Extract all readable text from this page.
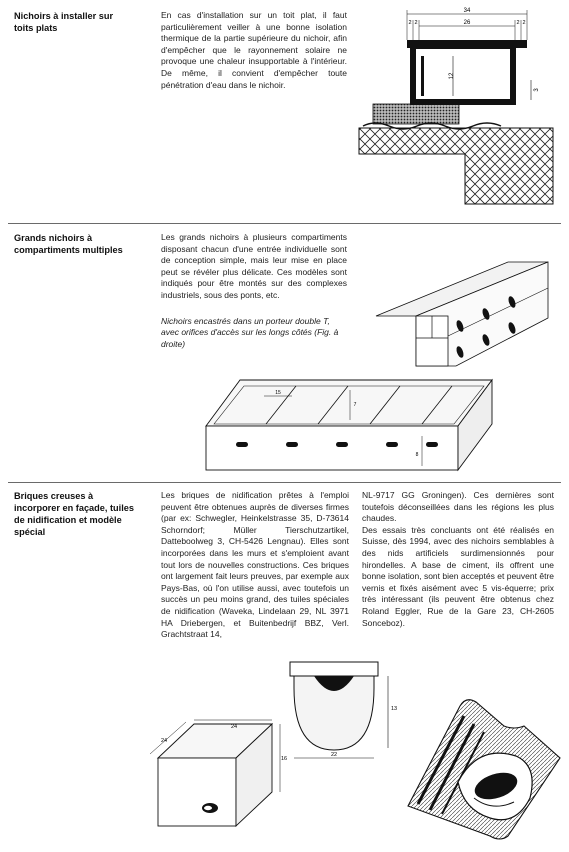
Nichoirs à installer sur toits plats

En cas d'installation sur un toit plat, il faut particulièrement veiller à une bonne isolation thermique de la partie supérieure du nichoir, afin d'empêcher que le rayonnement solaire ne provoque une chaleur insupportable à l'intérieur. De même, il convient d'empêcher toute pénétration d'eau dans le nichoir.

34
26
2 2	2 2
12
3
Grands nichoirs à compartiments multiples

Les grands nichoirs à plusieurs compartiments disposant chacun d'une entrée individuelle sont de conception simple, mais leur mise en place peut se révéler plus délicate. Ces modèles sont indiqués pour être montés sur des complexes industriels, sous des ponts, etc.

Nichoirs encastrés dans un porteur double T, avec orifices d'accès sur les longs côtés (Fig. à droite)

15
7
8
Briques creuses à incorporer en façade, tuiles de nidification et modèle spécial

Les briques de nidification prêtes à l'emploi peuvent être obtenues auprès de diverses firmes (par ex: Schwegler, Heinkelstrasse 35, D-73614 Schorndorf; Müller Tierschutzartikel, Datteboolweg 3, CH-5426 Lengnau). Elles sont incorporées dans les murs et s'emploient avant tout lors de nouvelles constructions. Ces briques ont largement fait leurs preuves, par exemple aux Pays-Bas, où l'on utilise aussi, avec toutefois un succès un peu moins grand, des tuiles spéciales de nidification (Waveka, Lindelaan 29, NL 3971 HA Driebergen, et Buitenbedrijf BBZ, Verl. Grachtstraat 14,

NL-9717 GG Groningen). Ces dernières sont toutefois déconseillées dans les régions les plus chaudes.

Des essais très concluants ont été réalisés en Suisse, dès 1994, avec des nichoirs semblables à des nids artificiels surdimensionnés pour hirondelles. A base de ciment, ils offrent une bonne isolation, sont bien acceptés et peuvent être vernis et fixés aisément avec 5 vis-équerre; prix très intéressant (ils peuvent être obtenus chez Roland Eggler, Rue de la Gare 23, CH-2605 Sonceboz).

22
13
24
24
16
